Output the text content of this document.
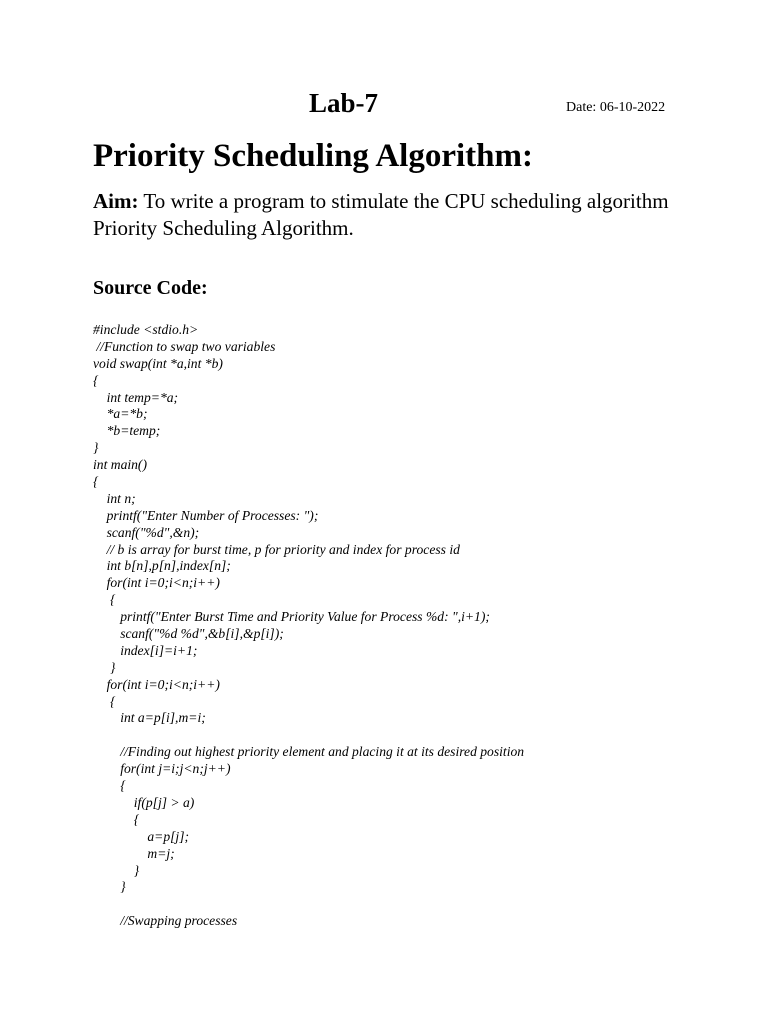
Lab-7	Date: 06-10-2022
Priority Scheduling Algorithm:
Aim: To write a program to stimulate the CPU scheduling algorithm Priority Scheduling Algorithm.
Source Code:
#include <stdio.h>
//Function to swap two variables
void swap(int *a,int *b)
{
int temp=*a;
*a=*b;
*b=temp;
}
int main()
{
int n;
printf("Enter Number of Processes: ");
scanf("%d",&n);
// b is array for burst time, p for priority and index for process id
int b[n],p[n],index[n];
for(int i=0;i<n;i++)
{
printf("Enter Burst Time and Priority Value for Process %d: ",i+1);
scanf("%d %d",&b[i],&p[i]);
index[i]=i+1;
}
for(int i=0;i<n;i++)
{
int a=p[i],m=i;
//Finding out highest priority element and placing it at its desired position
for(int j=i;j<n;j++)
{
if(p[j] > a)
{
a=p[j];
m=j;
}
}
//Swapping processes
